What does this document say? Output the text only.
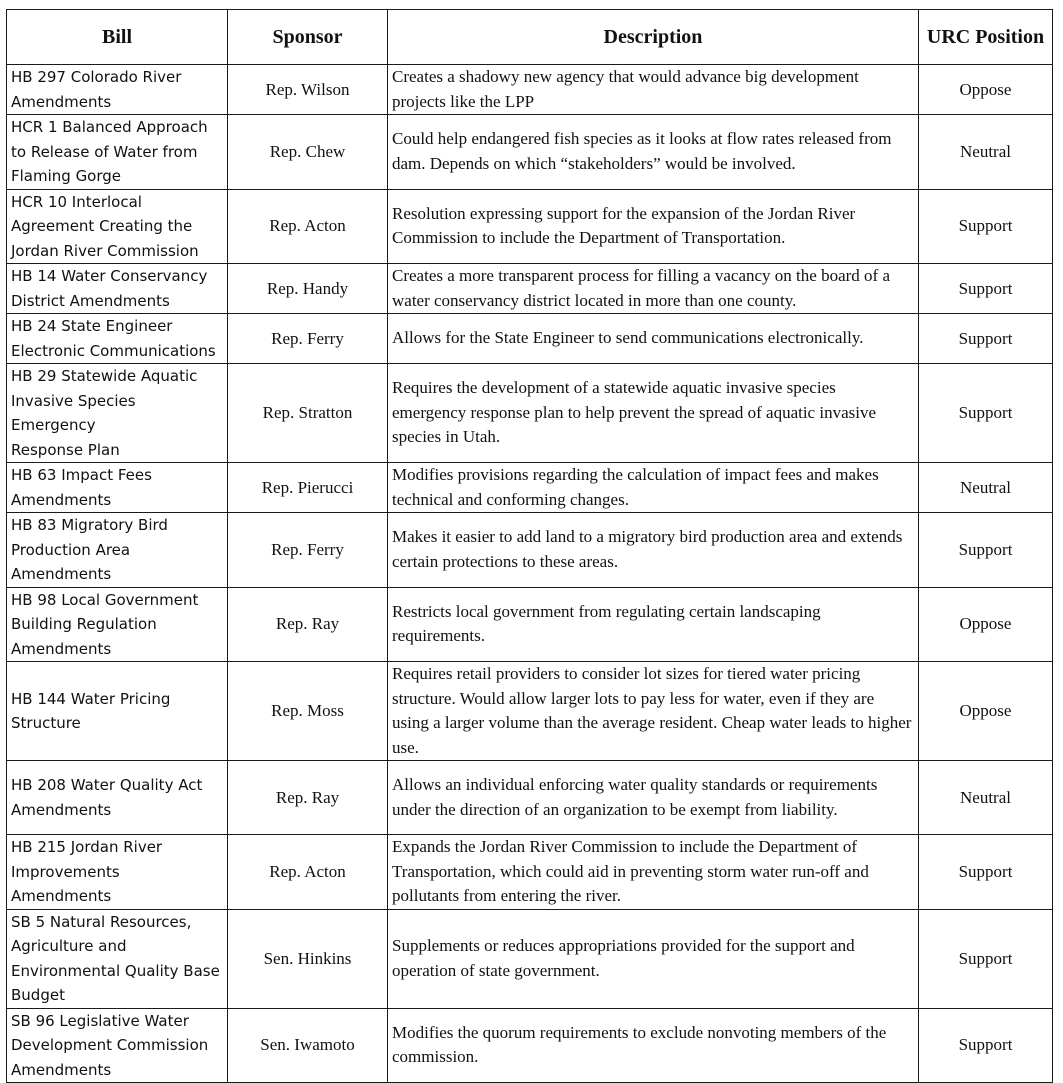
Bill	Sponsor	Description	URC Position
HB 297 Colorado River
Amendments	Rep. Wilson	Creates a shadowy new agency that would advance big development projects like the LPP	Oppose
HCR 1 Balanced Approach
to Release of Water from
Flaming Gorge	Rep. Chew	Could help endangered fish species as it looks at flow rates released from dam. Depends on which “stakeholders” would be involved.	Neutral
HCR 10 Interlocal
Agreement Creating the
Jordan River Commission	Rep. Acton	Resolution expressing support for the expansion of the Jordan River Commission to include the Department of Transportation.	Support
HB 14 Water Conservancy
District Amendments	Rep. Handy	Creates a more transparent process for filling a vacancy on the board of a water conservancy district located in more than one county.	Support
HB 24 State Engineer
Electronic Communications	Rep. Ferry	Allows for the State Engineer to send communications electronically.	Support
HB 29 Statewide Aquatic
Invasive Species Emergency
Response Plan	Rep. Stratton	Requires the development of a statewide aquatic invasive species emergency response plan to help prevent the spread of aquatic invasive species in Utah.	Support
HB 63 Impact Fees
Amendments	Rep. Pierucci	Modifies provisions regarding the calculation of impact fees and makes technical and conforming changes.	Neutral
HB 83 Migratory Bird
Production Area
Amendments	Rep. Ferry	Makes it easier to add land to a migratory bird production area and extends certain protections to these areas.	Support
HB 98 Local Government
Building Regulation
Amendments	Rep. Ray	Restricts local government from regulating certain landscaping requirements.	Oppose
HB 144 Water Pricing
Structure	Rep. Moss	Requires retail providers to consider lot sizes for tiered water pricing structure. Would allow larger lots to pay less for water, even if they are using a larger volume than the average resident. Cheap water leads to higher use.	Oppose
HB 208 Water Quality Act
Amendments	Rep. Ray	Allows an individual enforcing water quality standards or requirements under the direction of an organization to be exempt from liability.	Neutral
HB 215 Jordan River
Improvements
Amendments	Rep. Acton	Expands the Jordan River Commission to include the Department of Transportation, which could aid in preventing storm water run-off and pollutants from entering the river.	Support
SB 5 Natural Resources,
Agriculture and
Environmental Quality Base
Budget	Sen. Hinkins	Supplements or reduces appropriations provided for the support and operation of state government.	Support
SB 96 Legislative Water
Development Commission
Amendments	Sen. Iwamoto	Modifies the quorum requirements to exclude nonvoting members of the commission.	Support
